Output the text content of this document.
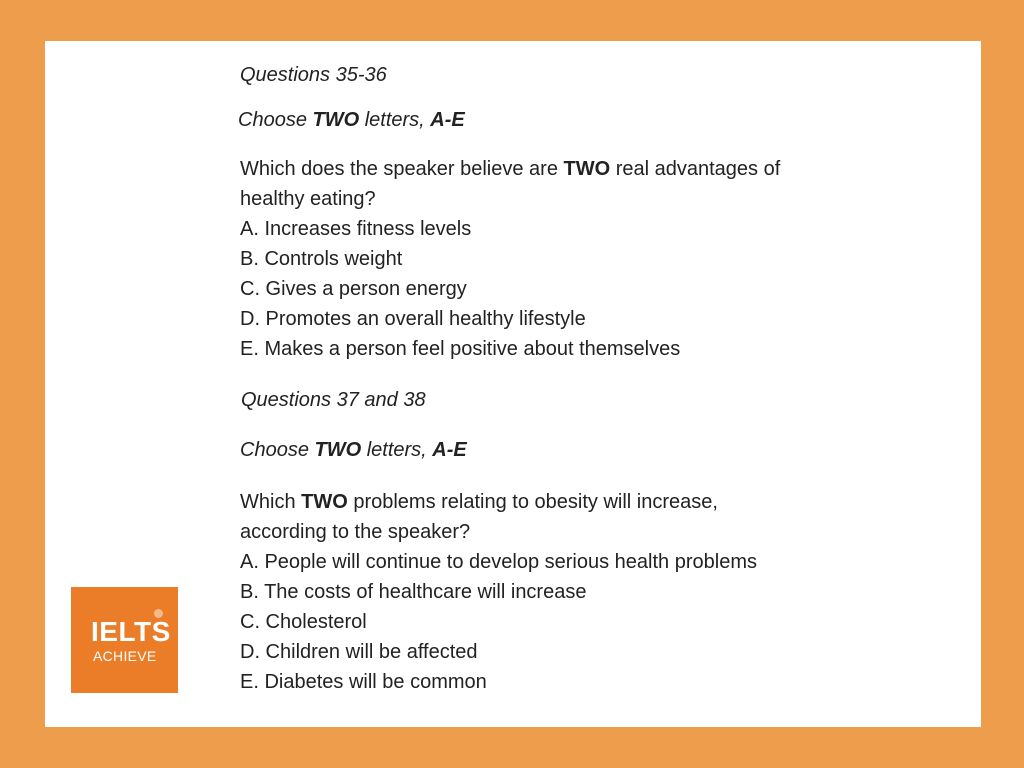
Questions 35-36

Choose TWO letters, A-E

Which does the speaker believe are TWO real advantages of

healthy eating?

A. Increases fitness levels

B. Controls weight

C. Gives a person energy

D. Promotes an overall healthy lifestyle

E. Makes a person feel positive about themselves

Questions 37 and 38

Choose TWO letters, A-E

Which TWO problems relating to obesity will increase,

according to the speaker?

A. People will continue to develop serious health problems

B. The costs of healthcare will increase

C. Cholesterol

D. Children will be affected

E. Diabetes will be common

IELTS
ACHIEVE
